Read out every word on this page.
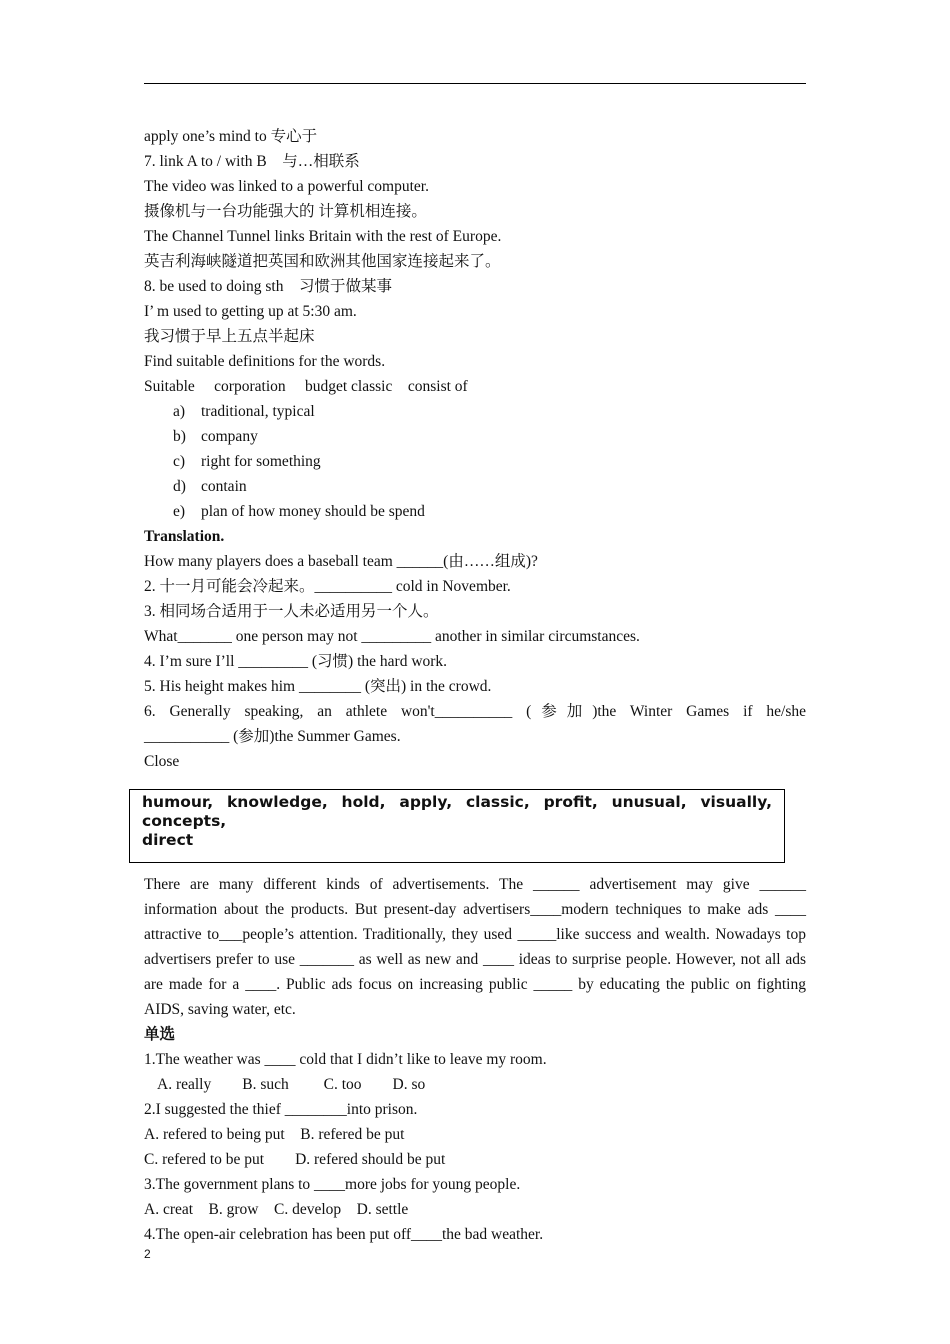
apply one’s mind to 专心于
7. link A to / with B　与…相联系
The video was linked to a powerful computer.
摄像机与一台功能强大的 计算机相连接。
The Channel Tunnel links Britain with the rest of Europe.
英吉利海峡隧道把英国和欧洲其他国家连接起来了。
8. be used to doing sth　习惯于做某事
I’ m used to getting up at 5:30 am.
我习惯于早上五点半起床
Find suitable definitions for the words.
Suitable　 corporation　 budget classic　consist of
a) traditional, typical
b) company
c) right for something
d) contain
e) plan of how money should be spend
Translation.
How many players does a baseball team ______(由……组成)?
2. 十一月可能会冷起来。__________ cold in November.
3. 相同场合适用于一人未必适用另一个人。
What_______ one person may not _________ another in similar circumstances.
4. I’m sure I’ll _________ (习惯) the hard work.
5. His height makes him ________ (突出) in the crowd.
6. Generally speaking, an athlete won't__________ (参加)the Winter Games if he/she
___________ (参加)the Summer Games.
Close
humour, knowledge, hold, apply, classic, profit, unusual, visually, concepts,
direct
There are many different kinds of advertisements. The ______ advertisement may give ______ information about the products. But present-day advertisers____modern techniques to make ads ____ attractive to___people’s attention. Traditionally, they used _____like success and wealth. Nowadays top advertisers prefer to use _______ as well as new and ____ ideas to surprise people. However, not all ads are made for a ____. Public ads focus on increasing public _____ by educating the public on fighting AIDS, saving water, etc.
单选
1.The weather was ____ cold that I didn’t like to leave my room.
A. really　　B. such　　 C. too　　D. so
2.I suggested the thief ________into prison.
A. refered to being put　B. refered be put
C. refered to be put　　D. refered should be put
3.The government plans to ____more jobs for young people.
A. creat　B. grow　C. develop　D. settle
4.The open-air celebration has been put off____the bad weather.
2
